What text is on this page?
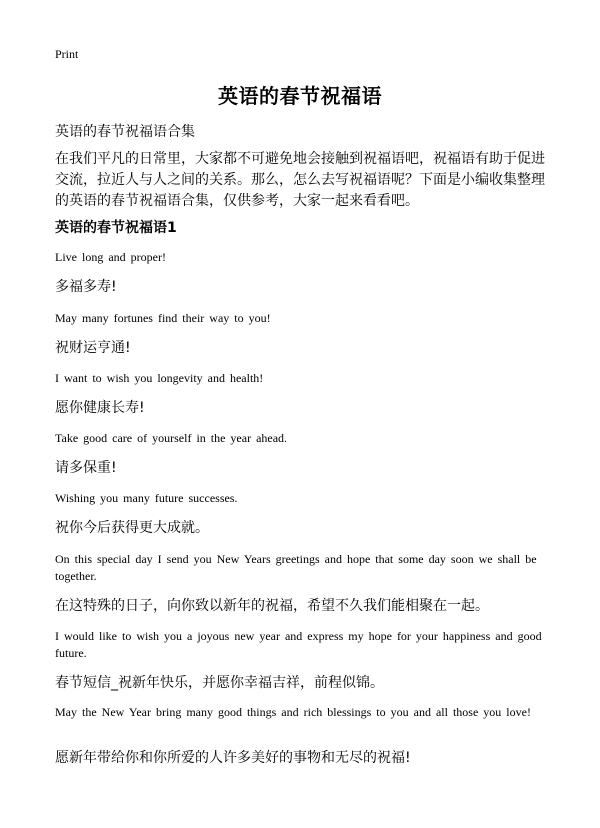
Print
英语的春节祝福语
英语的春节祝福语合集
在我们平凡的日常里，大家都不可避免地会接触到祝福语吧，祝福语有助于促进交流，拉近人与人之间的关系。那么，怎么去写祝福语呢？下面是小编收集整理的英语的春节祝福语合集，仅供参考，大家一起来看看吧。
英语的春节祝福语1
Live long and proper!
多福多寿!
May many fortunes find their way to you!
祝财运亨通!
I want to wish you longevity and health!
愿你健康长寿!
Take good care of yourself in the year ahead.
请多保重!
Wishing you many future successes.
祝你今后获得更大成就。
On this special day I send you New Years greetings and hope that some day soon we shall be together.
在这特殊的日子，向你致以新年的祝福，希望不久我们能相聚在一起。
I would like to wish you a joyous new year and express my hope for your happiness and good future.
春节短信_祝新年快乐，并愿你幸福吉祥，前程似锦。
May the New Year bring many good things and rich blessings to you and all those you love!
愿新年带给你和你所爱的人许多美好的事物和无尽的祝福!
